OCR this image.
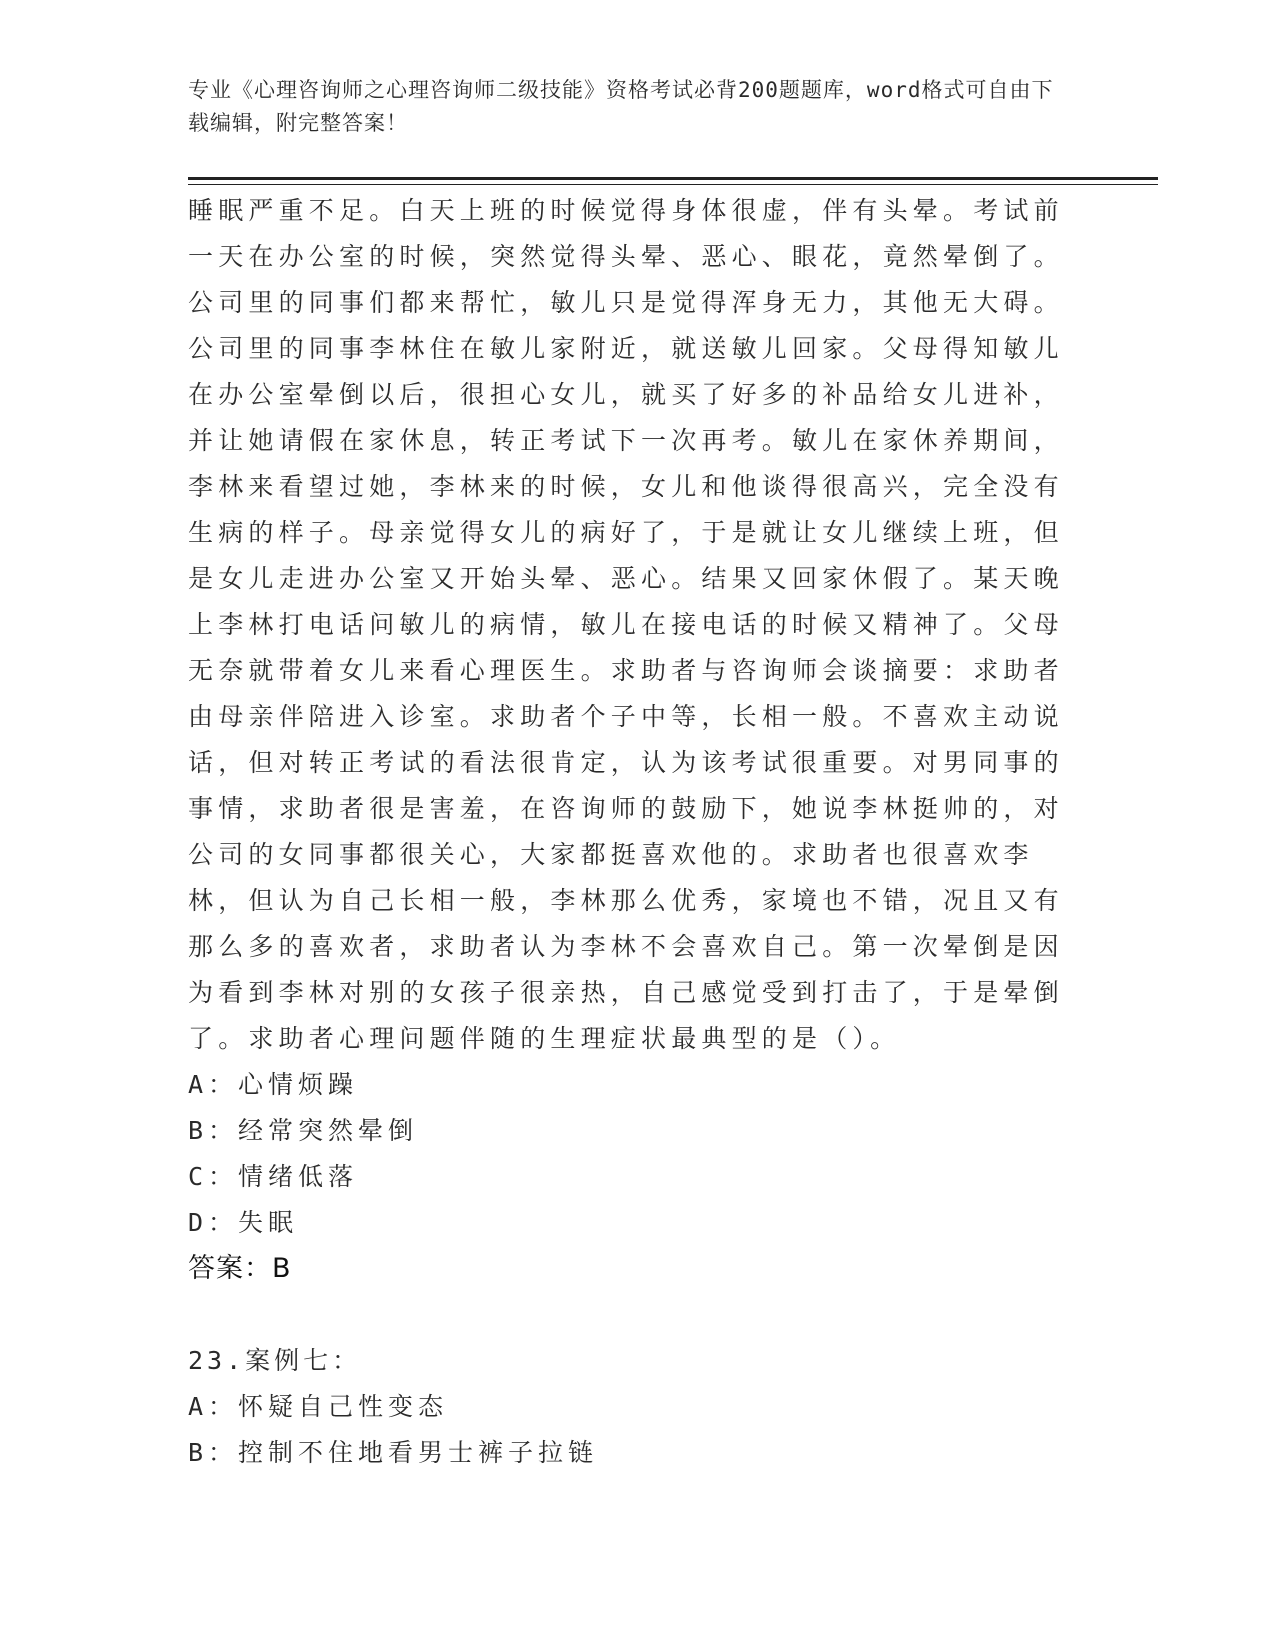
专业《心理咨询师之心理咨询师二级技能》资格考试必背200题题库，word格式可自由下载编辑，附完整答案！

睡眠严重不足。白天上班的时候觉得身体很虚，伴有头晕。考试前一天在办公室的时候，突然觉得头晕、恶心、眼花，竟然晕倒了。公司里的同事们都来帮忙，敏儿只是觉得浑身无力，其他无大碍。公司里的同事李林住在敏儿家附近，就送敏儿回家。父母得知敏儿在办公室晕倒以后，很担心女儿，就买了好多的补品给女儿进补，并让她请假在家休息，转正考试下一次再考。敏儿在家休养期间，李林来看望过她，李林来的时候，女儿和他谈得很高兴，完全没有生病的样子。母亲觉得女儿的病好了，于是就让女儿继续上班，但是女儿走进办公室又开始头晕、恶心。结果又回家休假了。某天晚上李林打电话问敏儿的病情，敏儿在接电话的时候又精神了。父母无奈就带着女儿来看心理医生。求助者与咨询师会谈摘要：求助者由母亲伴陪进入诊室。求助者个子中等，长相一般。不喜欢主动说话，但对转正考试的看法很肯定，认为该考试很重要。对男同事的事情，求助者很是害羞，在咨询师的鼓励下，她说李林挺帅的，对公司的女同事都很关心，大家都挺喜欢他的。求助者也很喜欢李林，但认为自己长相一般，李林那么优秀，家境也不错，况且又有那么多的喜欢者，求助者认为李林不会喜欢自己。第一次晕倒是因为看到李林对别的女孩子很亲热，自己感觉受到打击了，于是晕倒了。求助者心理问题伴随的生理症状最典型的是（）。

A：心情烦躁

B：经常突然晕倒

C：情绪低落

D：失眠

答案：B

23.案例七：

A：怀疑自己性变态

B：控制不住地看男士裤子拉链
